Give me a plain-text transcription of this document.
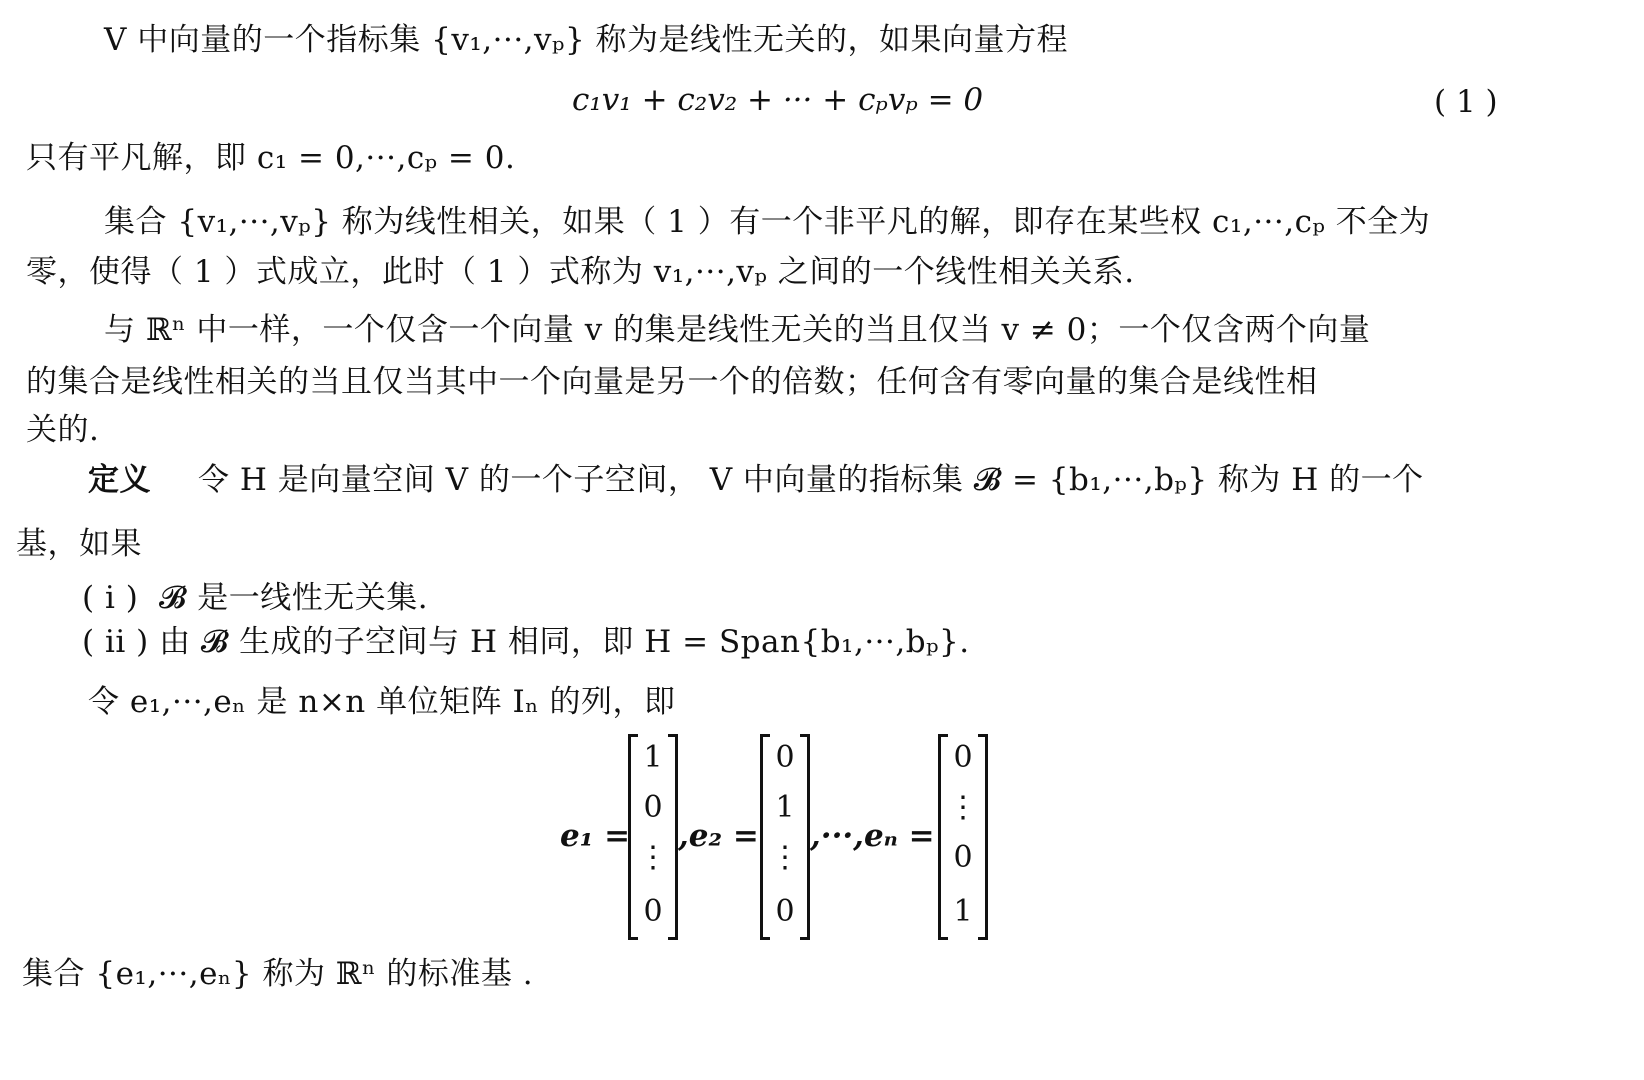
V 中向量的一个指标集 {v₁,···,vₚ} 称为是线性无关的，如果向量方程
c₁v₁ + c₂v₂ + ··· + cₚvₚ = 0	( 1 )
只有平凡解，即 c₁ = 0,···,cₚ = 0.
集合 {v₁,···,vₚ} 称为线性相关，如果（ 1 ）有一个非平凡的解，即存在某些权 c₁,···,cₚ 不全为
零，使得（ 1 ）式成立，此时（ 1 ）式称为 v₁,···,vₚ 之间的一个线性相关关系.
与 ℝⁿ 中一样，一个仅含一个向量 v 的集是线性无关的当且仅当 v ≠ 0；一个仅含两个向量
的集合是线性相关的当且仅当其中一个向量是另一个的倍数；任何含有零向量的集合是线性相
关的.
定义 令 H 是向量空间 V 的一个子空间， V 中向量的指标集 𝓑 = {b₁,···,bₚ} 称为 H 的一个
基，如果
( i )  𝓑 是一线性无关集.
( ii ) 由 𝓑 生成的子空间与 H 相同，即 H = Span{b₁,···,bₚ}.
令 e₁,···,eₙ 是 n×n 单位矩阵 Iₙ 的列，即
e₁ =
1
0
⋮
0
,e₂ =
0
1
⋮
0
,···,eₙ =
0
⋮
0
1
集合 {e₁,···,eₙ} 称为 ℝⁿ 的标准基 .
